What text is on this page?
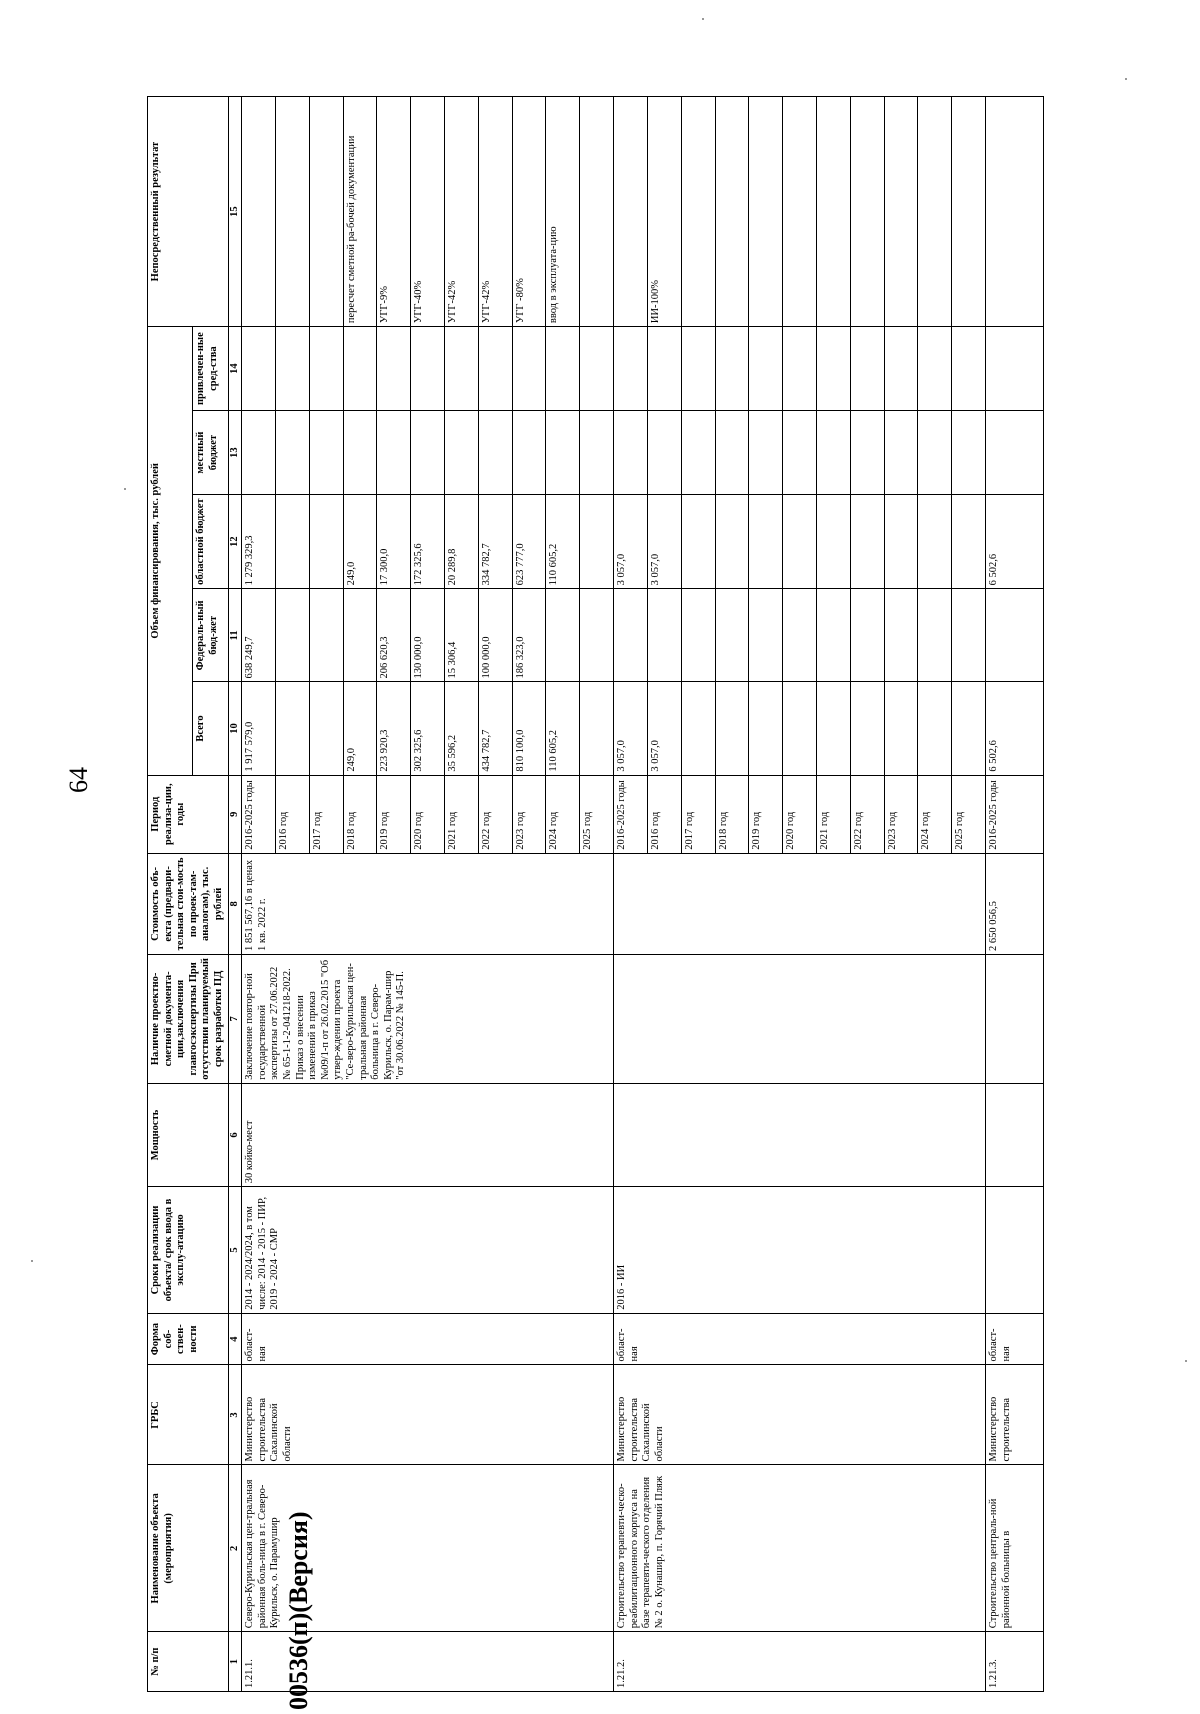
64
№ п/п	Наименование объекта (мероприятия)	ГРБС	Форма соб-ствен-ности	Сроки реализации объекта/ срок ввода в эксплу-атацию	Мощность	Наличие проектно-сметной документа-ции,заключения главгосэкспертизы При отсутствии планируемый срок разработки ПД	Стоимость объ-екта (предвари-тельная стои-мость по проек-там-аналогам), тыс. рублей	Период реализа-ции, годы	Объем финансирования, тыс. рублей					Непосредственный результат
									Всего	Федераль-ный бюд-жет	областной бюджет	местный бюджет	привлечен-ные сред-ства	
1	2	3	4	5	6	7	8	9	10	11	12	13	14	15
1.21.1.	Северо-Курильская цен-тральная районная боль-ница в г. Северо-Курильск, о. Парамушир	Министерство строительства Сахалинской области	област-ная	2014 - 2024/2024, в том числе: 2014 - 2015 - ПИР, 2019 - 2024 - СМР	30 койко-мест	Заключение повтор-ной государственной экспертизы от 27.06.2022 № 65-1-1-2-041218-2022. Приказ о внесении изменений в приказ №09/1-п от 26.02.2015 "Об утвер-ждении проекта "Се-веро-Курильская цен-тральная районная больница в г. Северо-Курильск, о. Парам-шир "от 30.06.2022 № 145-П.	1 851 567,16 в ценах 1 кв. 2022 г.	2016-2025 годы	1 917 579,0	638 249,7	1 279 329,3			
								2016 год						
								2017 год						
								2018 год	249,0		249,0			пересчет сметной ра-бочей документации
								2019 год	223 920,3	206 620,3	17 300,0			УГГ-9%
								2020 год	302 325,6	130 000,0	172 325,6			УГГ-40%
								2021 год	35 596,2	15 306,4	20 289,8			УГГ-42%
								2022 год	434 782,7	100 000,0	334 782,7			УГГ-42%
								2023 год	810 100,0	186 323,0	623 777,0			УГГ -80%
								2024 год	110 605,2		110 605,2			ввод в эксплуата-цию
								2025 год						
1.21.2.	Строительство терапевти-ческо-реабилитационного корпуса на базе терапевти-ческого отделения № 2 о. Кунашир, п. Горячий Пляж	Министерство строительства Сахалинской области	област-ная	2016 - ИИ				2016-2025 годы	3 057,0		3 057,0			
								2016 год	3 057,0		3 057,0			ИИ-100%
								2017 год						
								2018 год						
								2019 год						
								2020 год						
								2021 год						
								2022 год						
								2023 год						
								2024 год						
								2025 год						
1.21.3.	Строительство централь-ной районной больницы в	Министерство строительства	област-ная				2 650 056,5	2016-2025 годы	6 502,6		6 502,6			
00536(п)(Версия)
